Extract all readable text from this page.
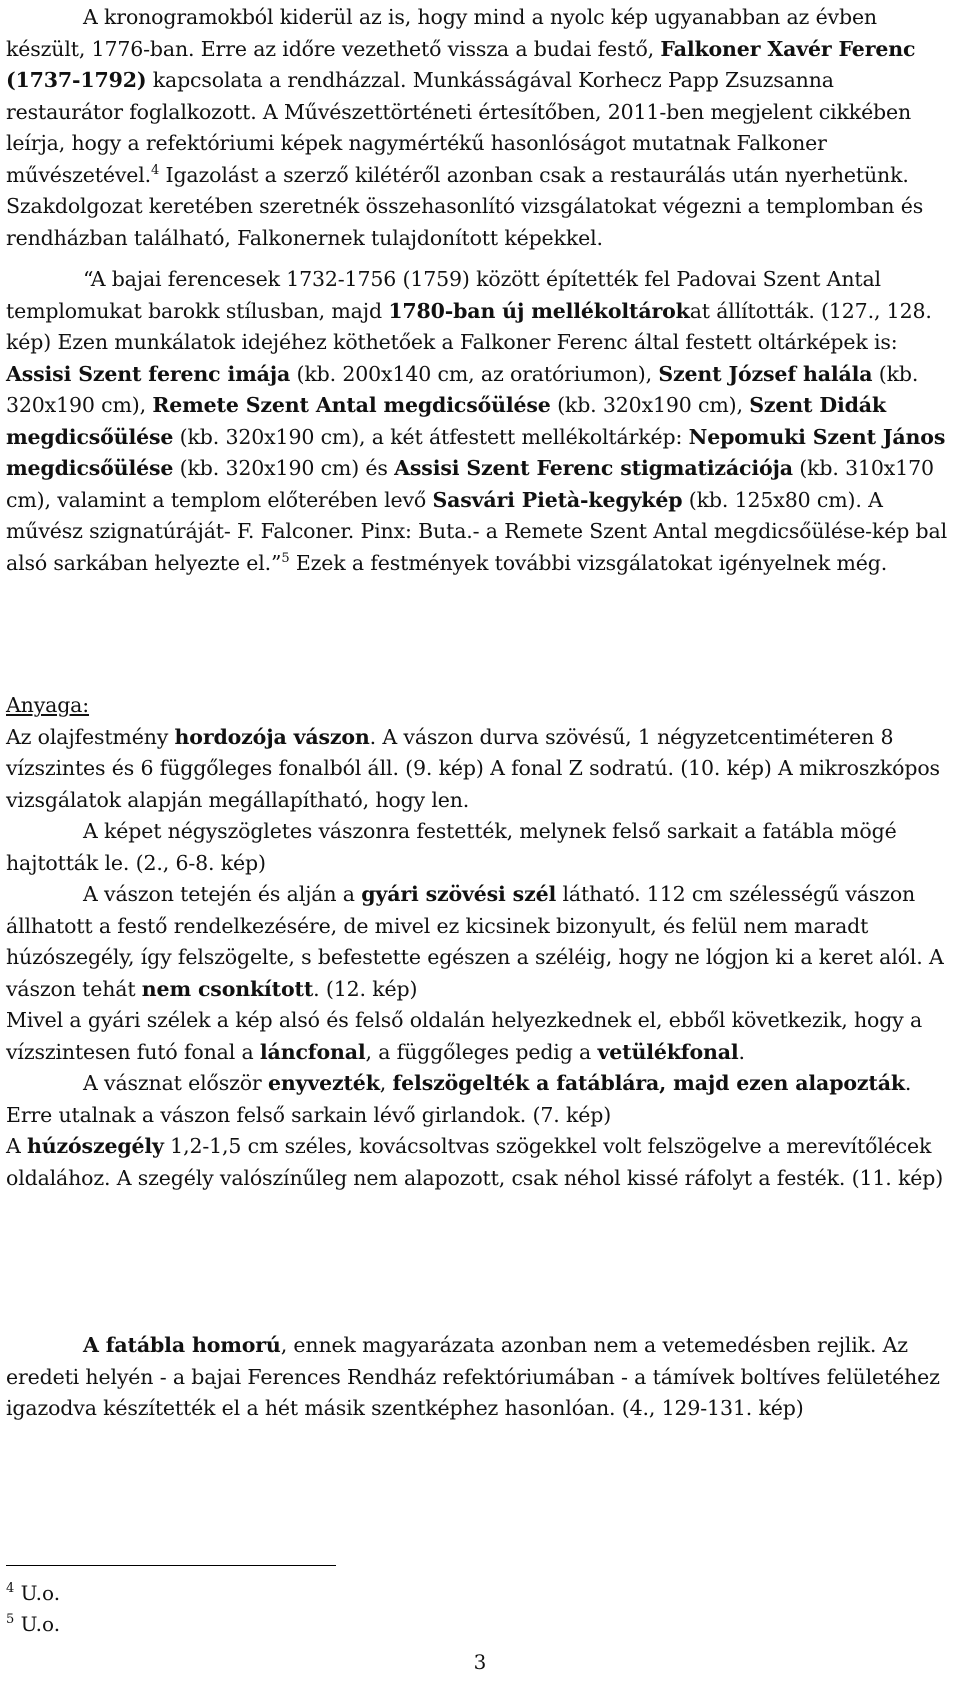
A kronogramokból kiderül az is, hogy mind a nyolc kép ugyanabban az évben készült, 1776-ban. Erre az időre vezethető vissza a budai festő, Falkoner Xavér Ferenc (1737-1792) kapcsolata a rendházzal. Munkásságával Korhecz Papp Zsuzsanna restaurátor foglalkozott. A Művészettörténeti értesítőben, 2011-ben megjelent cikkében leírja, hogy a refektóriumi képek nagymértékű hasonlóságot mutatnak Falkoner művészetével.$^4$ Igazolást a szerző kilétéről azonban csak a restaurálás után nyerhetünk. Szakdolgozat keretében szeretnék összehasonlító vizsgálatokat végezni a templomban és rendházban található, Falkonernek tulajdonított képekkel.

“A bajai ferencesek 1732-1756 (1759) között építették fel Padovai Szent Antal templomukat barokk stílusban, majd 1780-ban új mellékoltárokat állították. (127., 128. kép) Ezen munkálatok idejéhez köthetőek a Falkoner Ferenc által festett oltárképek is: Assisi Szent ferenc imája (kb. 200x140 cm, az oratóriumon), Szent József halála (kb. 320x190 cm), Remete Szent Antal megdicsőülése (kb. 320x190 cm), Szent Didák megdicsőülése (kb. 320x190 cm), a két átfestett mellékoltárkép: Nepomuki Szent János megdicsőülése (kb. 320x190 cm) és Assisi Szent Ferenc stigmatizációja (kb. 310x170 cm), valamint a templom előterében levő Sasvári Pietà-kegykép (kb. 125x80 cm). A művész szignatúráját- F. Falconer. Pinx: Buta.- a Remete Szent Antal megdicsőülése-kép bal alsó sarkában helyezte el.”$^5$ Ezek a festmények további vizsgálatokat igényelnek még.

Anyaga:

Az olajfestmény hordozója vászon. A vászon durva szövésű, 1 négyzetcentiméteren 8 vízszintes és 6 függőleges fonalból áll. (9. kép) A fonal Z sodratú. (10. kép) A mikroszkópos vizsgálatok alapján megállapítható, hogy len.

A képet négyszögletes vászonra festették, melynek felső sarkait a fatábla mögé hajtották le. (2., 6-8. kép)

A vászon tetején és alján a gyári szövési szél látható. 112 cm szélességű vászon állhatott a festő rendelkezésére, de mivel ez kicsinek bizonyult, és felül nem maradt húzószegély, így felszögelte, s befestette egészen a széléig, hogy ne lógjon ki a keret alól. A vászon tehát nem csonkított. (12. kép)

Mivel a gyári szélek a kép alsó és felső oldalán helyezkednek el, ebből következik, hogy a vízszintesen futó fonal a láncfonal, a függőleges pedig a vetülékfonal.

A vásznat először enyvezték, felszögelték a fatáblára, majd ezen alapozták. Erre utalnak a vászon felső sarkain lévő girlandok. (7. kép)

A húzószegély 1,2-1,5 cm széles, kovácsoltvas szögekkel volt felszögelve a merevítőlécek oldalához. A szegély valószínűleg nem alapozott, csak néhol kissé ráfolyt a festék. (11. kép)

A fatábla homorú, ennek magyarázata azonban nem a vetemedésben rejlik. Az eredeti helyén - a bajai Ferences Rendház refektóriumában - a támívek boltíves felületéhez igazodva készítették el a hét másik szentképhez hasonlóan. (4., 129-131. kép)

$^4$ U.o.
$^5$ U.o.
3
